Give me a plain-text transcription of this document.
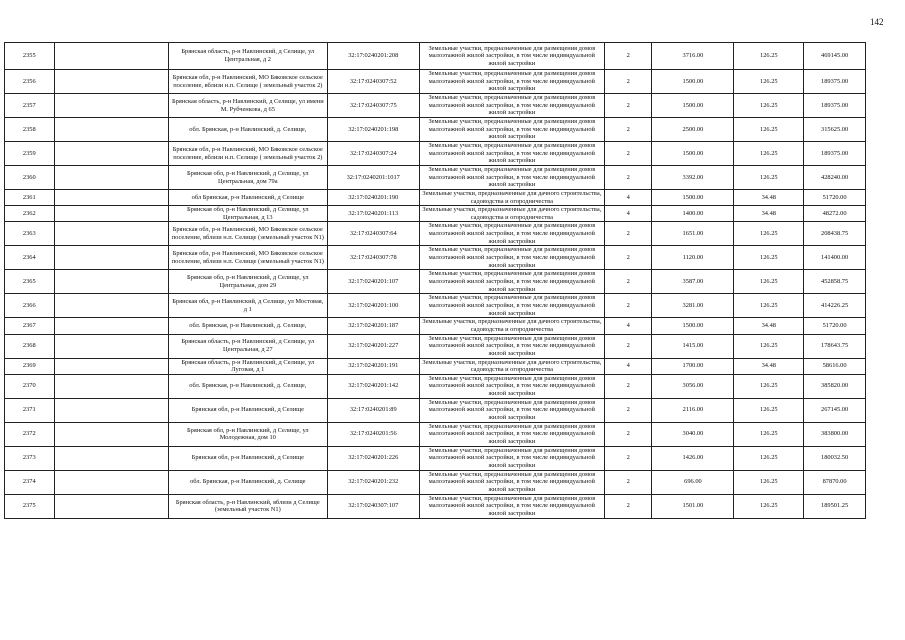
142
2355		Брянская область, р-н Навлинский, д Селище, ул Центральная, д 2	32:17:0240201:208	Земельные участки, предназначенные для размещения домов малоэтажной жилой застройки, в том числе индивидуальной жилой застройки	2	3716.00	126.25	469145.00
2356		Брянская обл, р-н Навлинский, МО Бяковское сельское поселение, вблизи н.п. Селище ( земельный участок 2)	32:17:0240307:52	Земельные участки, предназначенные для размещения домов малоэтажной жилой застройки, в том числе индивидуальной жилой застройки	2	1500.00	126.25	189375.00
2357		Брянская область, р-н Навлинский, д Селище, ул имени М. Рубченкова, д 65	32:17:0240307:75	Земельные участки, предназначенные для размещения домов малоэтажной жилой застройки, в том числе индивидуальной жилой застройки	2	1500.00	126.25	189375.00
2358		обл. Брянская, р-н Навлинский, д. Селище,	32:17:0240201:198	Земельные участки, предназначенные для размещения домов малоэтажной жилой застройки, в том числе индивидуальной жилой застройки	2	2500.00	126.25	315625.00
2359		Брянская обл, р-н Навлинский, МО Бяковское сельское поселение, вблизи н.п. Селище ( земельный участок 2)	32:17:0240307:24	Земельные участки, предназначенные для размещения домов малоэтажной жилой застройки, в том числе индивидуальной жилой застройки	2	1500.00	126.25	189375.00
2360		Брянская обл, р-н Навлинский, д Селище, ул Центральная, дом 79а	32:17:0240201:1017	Земельные участки, предназначенные для размещения домов малоэтажной жилой застройки, в том числе индивидуальной жилой застройки	2	3392.00	126.25	428240.00
2361		обл Брянская, р-н Навлинский, д Селище	32:17:0240201:190	Земельные участки, предназначенные для дачного строительства, садоводства и огородничества	4	1500.00	34.48	51720.00
2362		Брянская обл, р-н Навлинский, д Селище, ул Центральная, д 13	32:17:0240201:113	Земельные участки, предназначенные для дачного строительства, садоводства и огородничества	4	1400.00	34.48	48272.00
2363		Брянская обл, р-н Навлинский, МО Бяковское сельское поселение, вблизи н.п. Селище (земельный участок N1)	32:17:0240307:64	Земельные участки, предназначенные для размещения домов малоэтажной жилой застройки, в том числе индивидуальной жилой застройки	2	1651.00	126.25	208438.75
2364		Брянская обл, р-н Навлинский, МО Бяковское сельское поселение, вблизи н.п. Селище (земельный участок N1)	32:17:0240307:78	Земельные участки, предназначенные для размещения домов малоэтажной жилой застройки, в том числе индивидуальной жилой застройки	2	1120.00	126.25	141400.00
2365		Брянская обл, р-н Навлинский, д Селище, ул Центральная, дом 29	32:17:0240201:107	Земельные участки, предназначенные для размещения домов малоэтажной жилой застройки, в том числе индивидуальной жилой застройки	2	3587.00	126.25	452858.75
2366		Брянская обл, р-н Навлинский, д Селище, ул Мостовая, д 1	32:17:0240201:100	Земельные участки, предназначенные для размещения домов малоэтажной жилой застройки, в том числе индивидуальной жилой застройки	2	3281.00	126.25	414226.25
2367		обл. Брянская, р-н Навлинский, д. Селище,	32:17:0240201:187	Земельные участки, предназначенные для дачного строительства, садоводства и огородничества	4	1500.00	34.48	51720.00
2368		Брянская область, р-н Навлинский, д Селище, ул Центральная, д 27	32:17:0240201:227	Земельные участки, предназначенные для размещения домов малоэтажной жилой застройки, в том числе индивидуальной жилой застройки	2	1415.00	126.25	178643.75
2369		Брянская область, р-н Навлинский, д Селище, ул Луговая, д 1	32:17:0240201:191	Земельные участки, предназначенные для дачного строительства, садоводства и огородничества	4	1700.00	34.48	58616.00
2370		обл. Брянская, р-н Навлинский, д. Селище,	32:17:0240201:142	Земельные участки, предназначенные для размещения домов малоэтажной жилой застройки, в том числе индивидуальной жилой застройки	2	3056.00	126.25	385820.00
2371		Брянская обл, р-н Навлинский, д Селище	32:17:0240201:89	Земельные участки, предназначенные для размещения домов малоэтажной жилой застройки, в том числе индивидуальной жилой застройки	2	2116.00	126.25	267145.00
2372		Брянская обл, р-н Навлинский, д Селище, ул Молодежная, дом 10	32:17:0240201:56	Земельные участки, предназначенные для размещения домов малоэтажной жилой застройки, в том числе индивидуальной жилой застройки	2	3040.00	126.25	383800.00
2373		Брянская обл, р-н Навлинский, д Селище	32:17:0240201:226	Земельные участки, предназначенные для размещения домов малоэтажной жилой застройки, в том числе индивидуальной жилой застройки	2	1426.00	126.25	180032.50
2374		обл. Брянская, р-н Навлинский, д. Селище	32:17:0240201:232	Земельные участки, предназначенные для размещения домов малоэтажной жилой застройки, в том числе индивидуальной жилой застройки	2	696.00	126.25	87870.00
2375		Брянская область, р-н Навлинский, вблизи д Селище (земельный участок N1)	32:17:0240307:107	Земельные участки, предназначенные для размещения домов малоэтажной жилой застройки, в том числе индивидуальной жилой застройки	2	1501.00	126.25	189501.25
